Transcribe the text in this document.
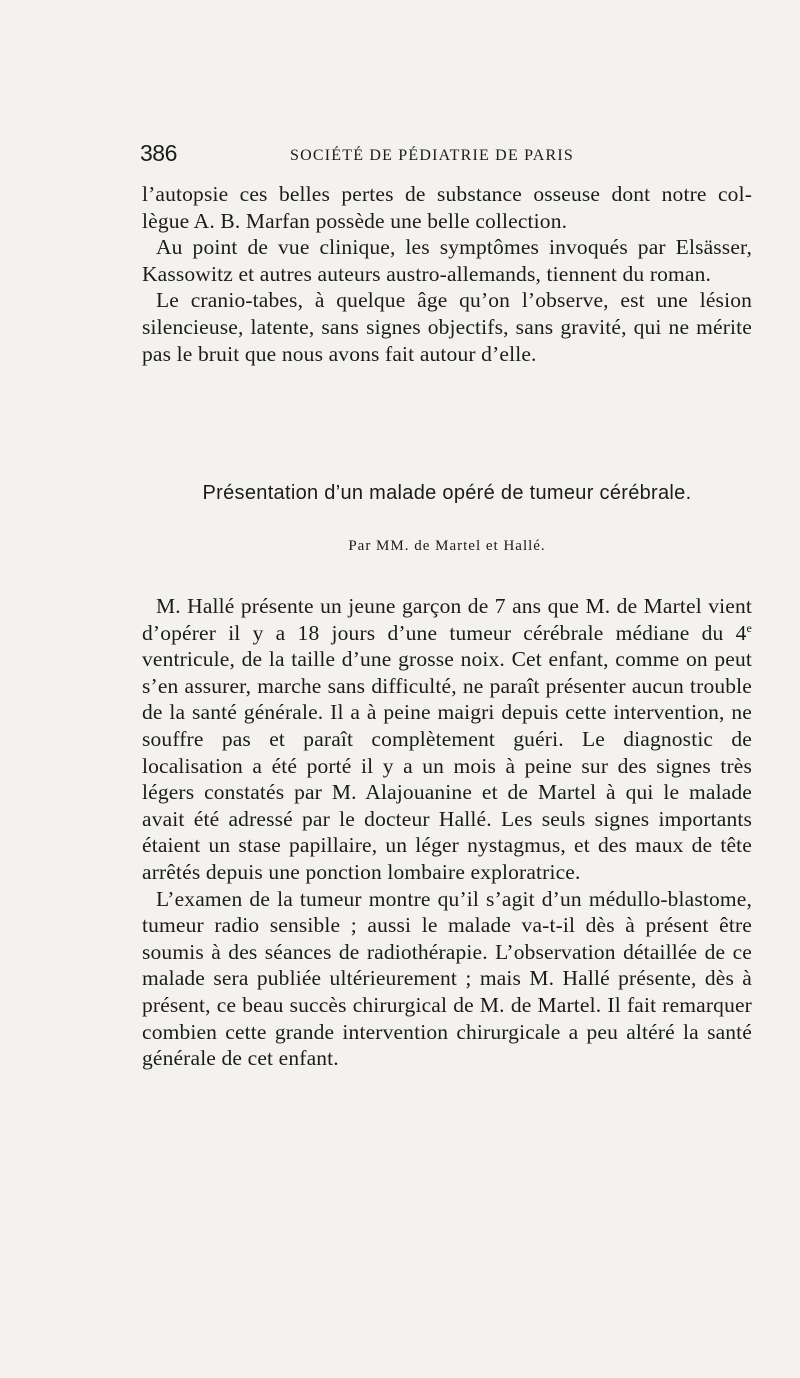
386	SOCIÉTÉ DE PÉDIATRIE DE PARIS

l’autopsie ces belles pertes de substance osseuse dont notre col-

lègue A. B. Marfan possède une belle collection.

Au point de vue clinique, les symptômes invoqués par Elsässer, Kassowitz et autres auteurs austro-allemands, tiennent du roman.

Le cranio-tabes, à quelque âge qu’on l’observe, est une lésion silencieuse, latente, sans signes objectifs, sans gravité, qui ne mérite pas le bruit que nous avons fait autour d’elle.

Présentation d’un malade opéré de tumeur cérébrale.
Par MM. de Martel et Hallé.

M. Hallé présente un jeune garçon de 7 ans que M. de Martel vient d’opérer il y a 18 jours d’une tumeur cérébrale médiane du 4e ventricule, de la taille d’une grosse noix. Cet enfant, comme on peut s’en assurer, marche sans difficulté, ne paraît présenter aucun trouble de la santé générale. Il a à peine maigri depuis cette intervention, ne souffre pas et paraît complètement guéri. Le diagnostic de localisation a été porté il y a un mois à peine sur des signes très légers constatés par M. Alajouanine et de Martel à qui le malade avait été adressé par le docteur Hallé. Les seuls signes importants étaient un stase papillaire, un léger nystagmus, et des maux de tête arrêtés depuis une ponction lombaire exploratrice.

L’examen de la tumeur montre qu’il s’agit d’un médullo-blastome, tumeur radio sensible ; aussi le malade va-t-il dès à présent être soumis à des séances de radiothérapie. L’observation détaillée de ce malade sera publiée ultérieurement ; mais M. Hallé présente, dès à présent, ce beau succès chirurgical de M. de Martel. Il fait remarquer combien cette grande intervention chirurgicale a peu altéré la santé générale de cet enfant.
